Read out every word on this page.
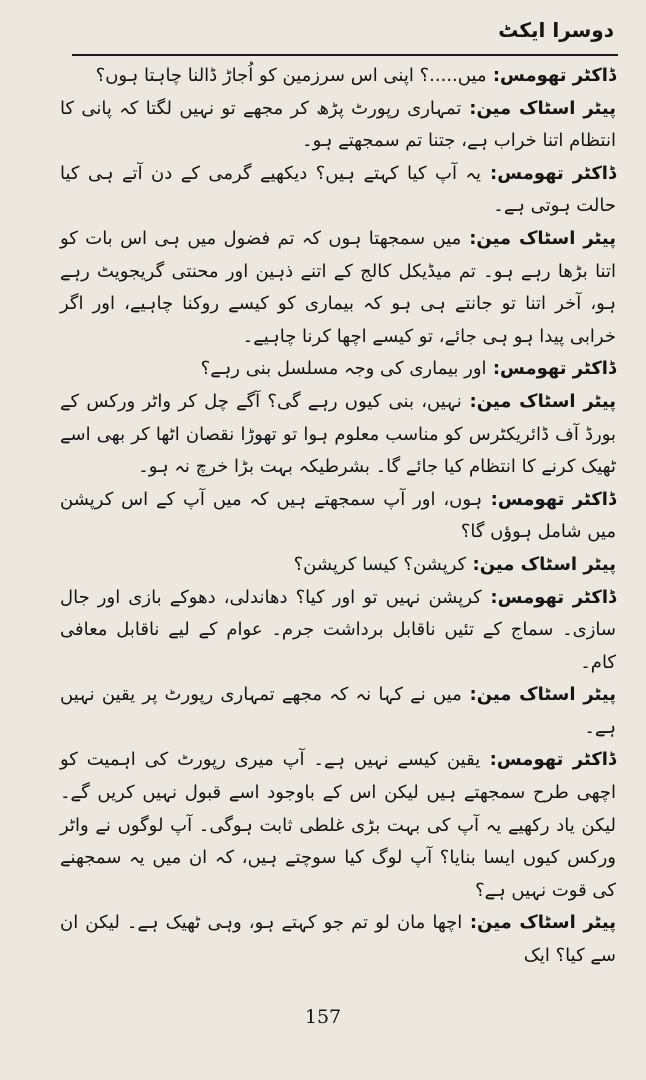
دوسرا ایکٹ

ڈاکٹر تھومس: میں.....؟ اپنی اس سرزمین کو اُجاڑ ڈالنا چاہتا ہوں؟

پیٹر اسٹاک مین: تمہاری رپورٹ پڑھ کر مجھے تو نہیں لگتا کہ پانی کا انتظام اتنا خراب ہے، جتنا تم سمجھتے ہو۔

ڈاکٹر تھومس: یہ آپ کیا کہتے ہیں؟ دیکھیے گرمی کے دن آتے ہی کیا حالت ہوتی ہے۔

پیٹر اسٹاک مین: میں سمجھتا ہوں کہ تم فضول میں ہی اس بات کو اتنا بڑھا رہے ہو۔ تم میڈیکل کالج کے اتنے ذہین اور محنتی گریجویٹ رہے ہو، آخر اتنا تو جانتے ہی ہو کہ بیماری کو کیسے روکنا چاہیے، اور اگر خرابی پیدا ہو ہی جائے، تو کیسے اچھا کرنا چاہیے۔

ڈاکٹر تھومس: اور بیماری کی وجہ مسلسل بنی رہے؟

پیٹر اسٹاک مین: نہیں، بنی کیوں رہے گی؟ آگے چل کر واٹر ورکس کے بورڈ آف ڈائریکٹرس کو مناسب معلوم ہوا تو تھوڑا نقصان اٹھا کر بھی اسے ٹھیک کرنے کا انتظام کیا جائے گا۔ بشرطیکہ بہت بڑا خرچ نہ ہو۔

ڈاکٹر تھومس: ہوں، اور آپ سمجھتے ہیں کہ میں آپ کے اس کرپشن میں شامل ہوؤں گا؟

پیٹر اسٹاک مین: کرپشن؟ کیسا کرپشن؟

ڈاکٹر تھومس: کرپشن نہیں تو اور کیا؟ دھاندلی، دھوکے بازی اور جال سازی۔ سماج کے تئیں ناقابل برداشت جرم۔ عوام کے لیے ناقابل معافی کام۔

پیٹر اسٹاک مین: میں نے کہا نہ کہ مجھے تمہاری رپورٹ پر یقین نہیں ہے۔

ڈاکٹر تھومس: یقین کیسے نہیں ہے۔ آپ میری رپورٹ کی اہمیت کو اچھی طرح سمجھتے ہیں لیکن اس کے باوجود اسے قبول نہیں کریں گے۔ لیکن یاد رکھیے یہ آپ کی بہت بڑی غلطی ثابت ہوگی۔ آپ لوگوں نے واٹر ورکس کیوں ایسا بنایا؟ آپ لوگ کیا سوچتے ہیں، کہ ان میں یہ سمجھنے کی قوت نہیں ہے؟

پیٹر اسٹاک مین: اچھا مان لو تم جو کہتے ہو، وہی ٹھیک ہے۔ لیکن ان سے کیا؟ ایک

157
